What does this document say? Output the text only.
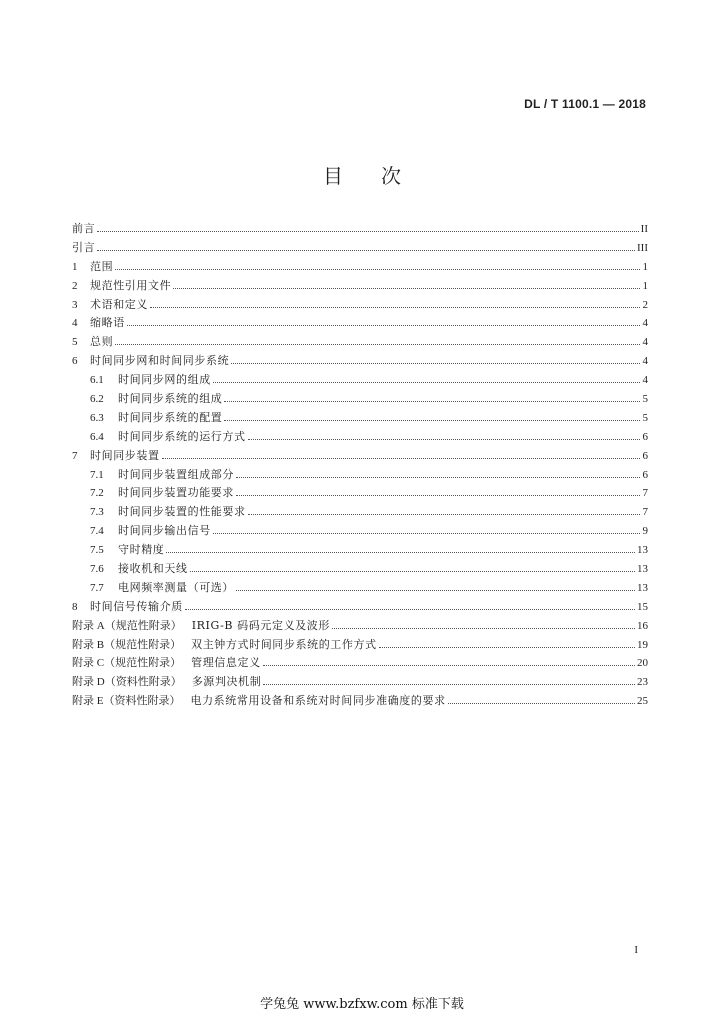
DL / T 1100.1 — 2018
目次
前言	II
引言	III
1	范围	1
2	规范性引用文件	1
3	术语和定义	2
4	缩略语	4
5	总则	4
6	时间同步网和时间同步系统	4
6.1	时间同步网的组成	4
6.2	时间同步系统的组成	5
6.3	时间同步系统的配置	5
6.4	时间同步系统的运行方式	6
7	时间同步装置	6
7.1	时间同步装置组成部分	6
7.2	时间同步装置功能要求	7
7.3	时间同步装置的性能要求	7
7.4	时间同步输出信号	9
7.5	守时精度	13
7.6	接收机和天线	13
7.7	电网频率测量（可选）	13
8	时间信号传输介质	15
附录 A（规范性附录） IRIG-B 码码元定义及波形	16
附录 B（规范性附录） 双主钟方式时间同步系统的工作方式	19
附录 C（规范性附录） 管理信息定义	20
附录 D（资料性附录） 多源判决机制	23
附录 E（资料性附录） 电力系统常用设备和系统对时间同步准确度的要求	25
I
学兔兔 www.bzfxw.com 标准下载
